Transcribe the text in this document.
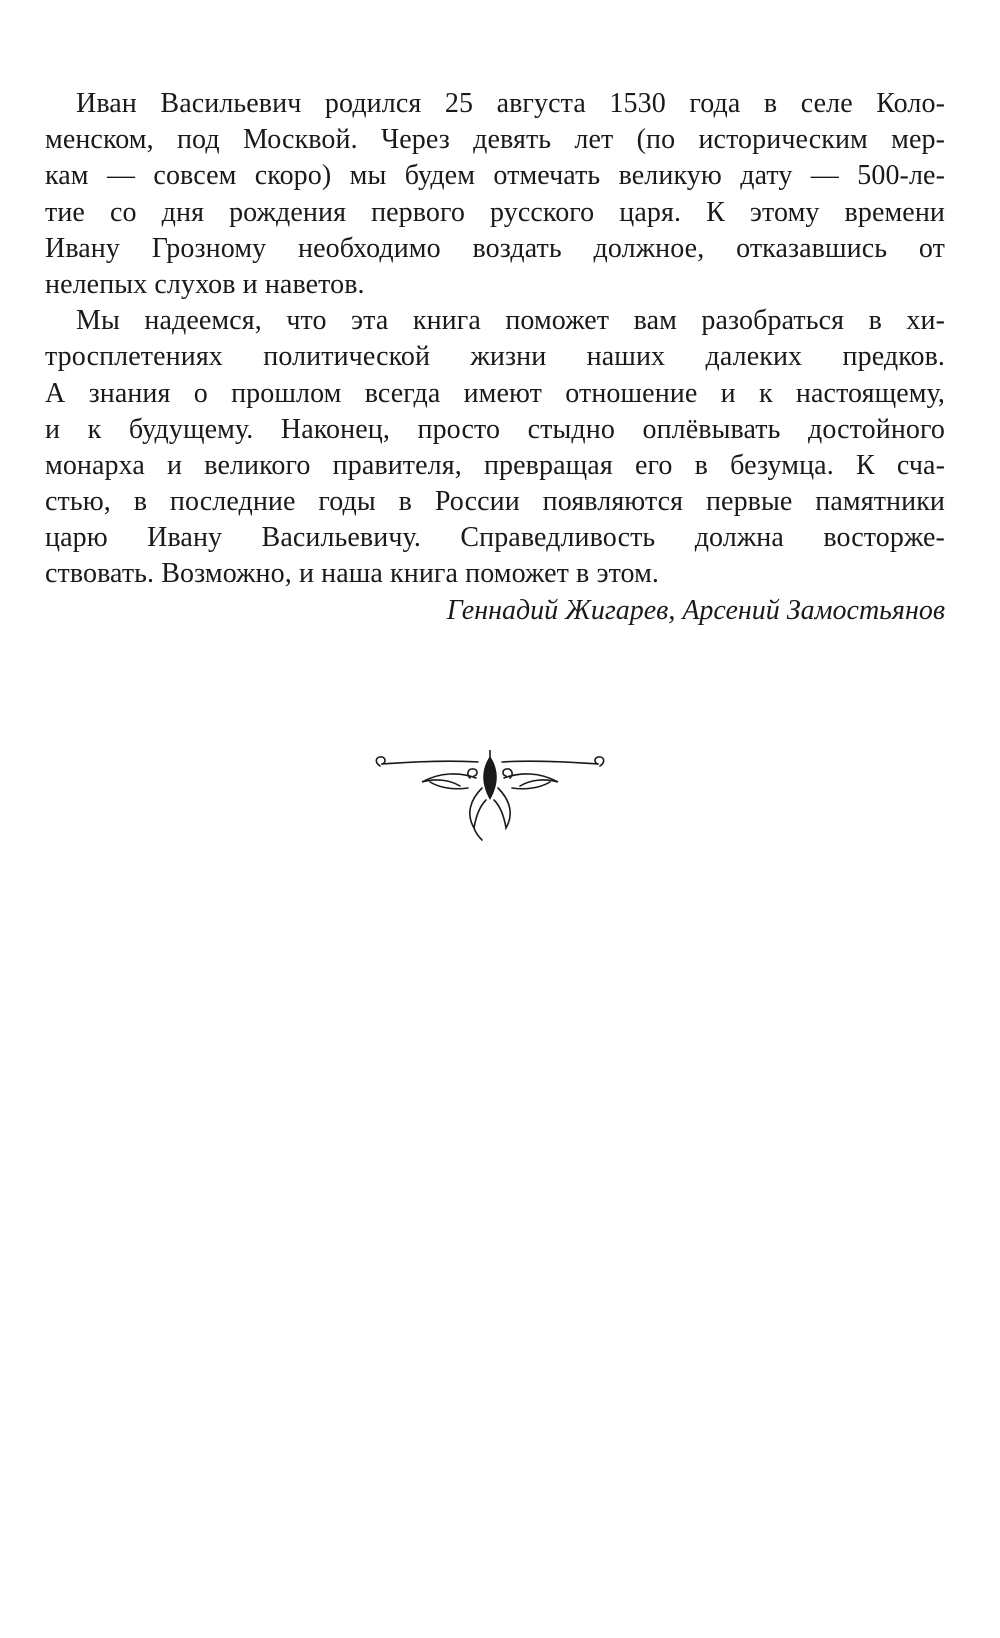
Иван Васильевич родился 25 августа 1530 года в селе Коло-
менском, под Москвой. Через девять лет (по историческим мер-
кам — совсем скоро) мы будем отмечать великую дату — 500-ле-
тие со дня рождения первого русского царя. К этому времени
Ивану Грозному необходимо воздать должное, отказавшись от
нелепых слухов и наветов.
Мы надеемся, что эта книга поможет вам разобраться в хи-
тросплетениях политической жизни наших далеких предков.
А знания о прошлом всегда имеют отношение и к настоящему,
и к будущему. Наконец, просто стыдно оплёвывать достойного
монарха и великого правителя, превращая его в безумца. К сча-
стью, в последние годы в России появляются первые памятники
царю Ивану Васильевичу. Справедливость должна восторже-
ствовать. Возможно, и наша книга поможет в этом.
Геннадий Жигарев, Арсений Замостьянов
